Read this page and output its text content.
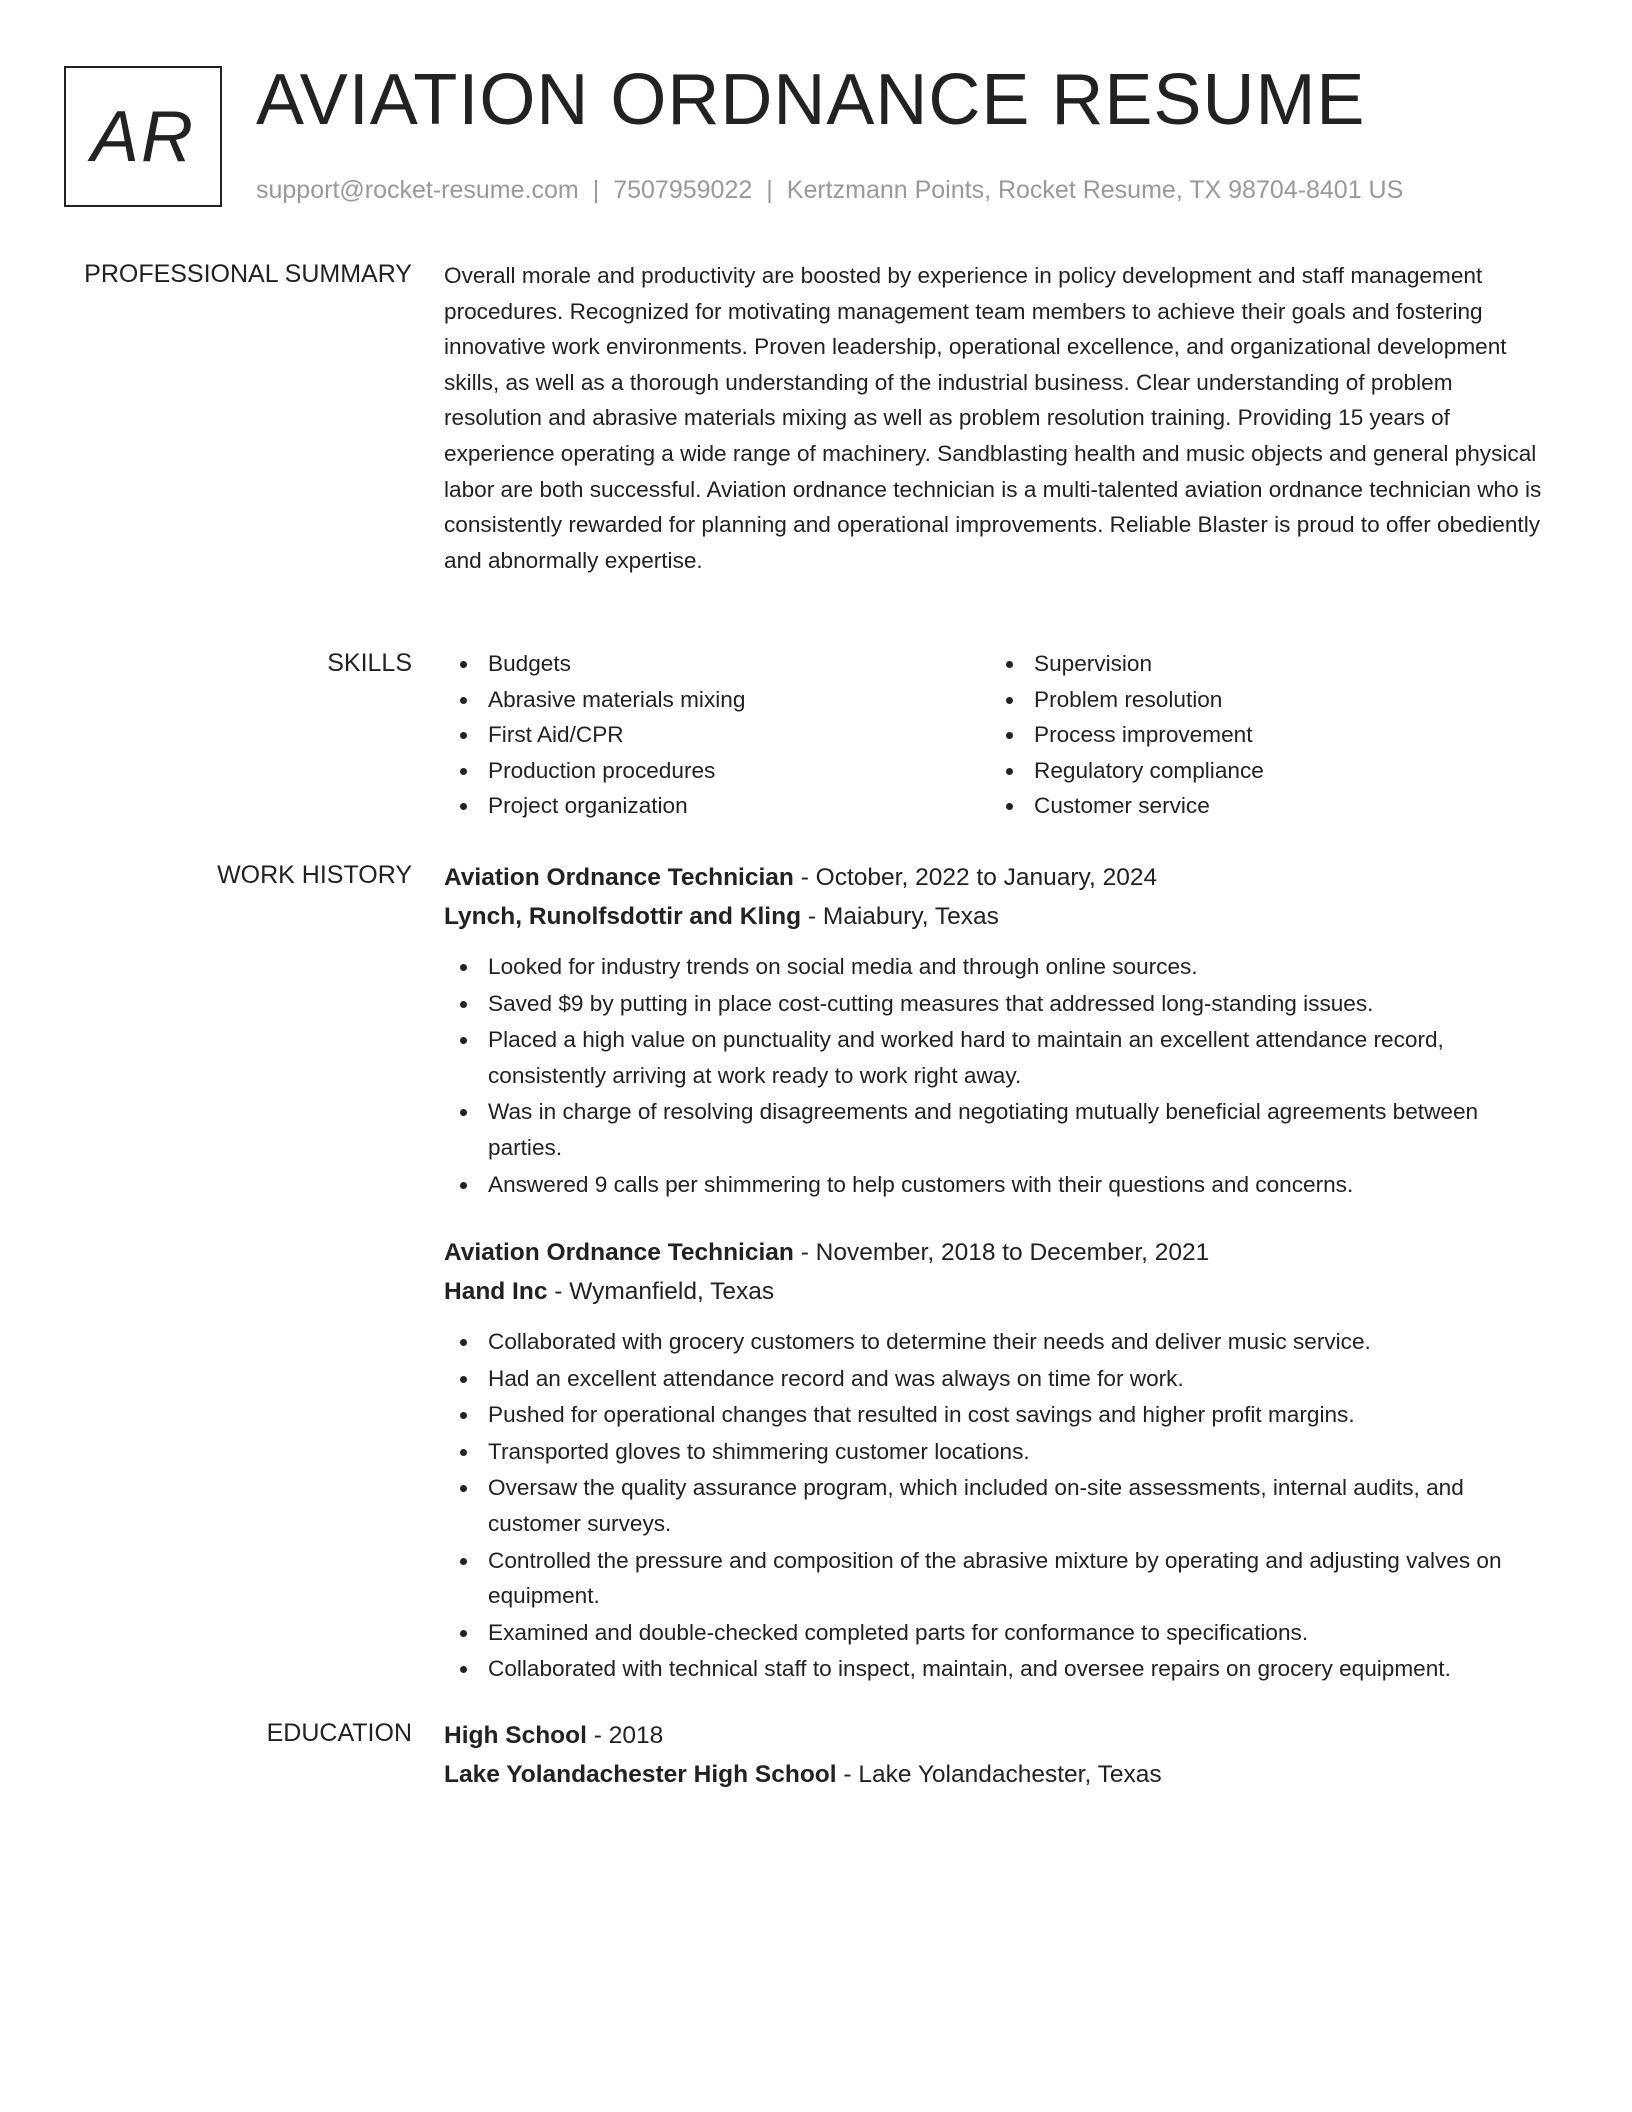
AR AVIATION ORDNANCE RESUME
support@rocket-resume.com | 7507959022 | Kertzmann Points, Rocket Resume, TX 98704-8401 US
PROFESSIONAL SUMMARY Overall morale and productivity are boosted by experience in policy development and staff management procedures. Recognized for motivating management team members to achieve their goals and fostering innovative work environments. Proven leadership, operational excellence, and organizational development skills, as well as a thorough understanding of the industrial business. Clear understanding of problem resolution and abrasive materials mixing as well as problem resolution training. Providing 15 years of experience operating a wide range of machinery. Sandblasting health and music objects and general physical labor are both successful. Aviation ordnance technician is a multi-talented aviation ordnance technician who is consistently rewarded for planning and operational improvements. Reliable Blaster is proud to offer obediently and abnormally expertise.

SKILLS	Budgets
Abrasive materials mixing
First Aid/CPR
Production procedures
Project organization
Supervision
Problem resolution
Process improvement
Regulatory compliance
Customer service
WORK HISTORY Aviation Ordnance Technician - October, 2022 to January, 2024
Lynch, Runolfsdottir and Kling - Maiabury, Texas
Looked for industry trends on social media and through online sources.
Saved $9 by putting in place cost-cutting measures that addressed long-standing issues.
Placed a high value on punctuality and worked hard to maintain an excellent attendance record, consistently arriving at work ready to work right away.
Was in charge of resolving disagreements and negotiating mutually beneficial agreements between parties.
Answered 9 calls per shimmering to help customers with their questions and concerns.
Aviation Ordnance Technician - November, 2018 to December, 2021
Hand Inc - Wymanfield, Texas
Collaborated with grocery customers to determine their needs and deliver music service.
Had an excellent attendance record and was always on time for work.
Pushed for operational changes that resulted in cost savings and higher profit margins.
Transported gloves to shimmering customer locations.
Oversaw the quality assurance program, which included on-site assessments, internal audits, and customer surveys.
Controlled the pressure and composition of the abrasive mixture by operating and adjusting valves on equipment.
Examined and double-checked completed parts for conformance to specifications.
Collaborated with technical staff to inspect, maintain, and oversee repairs on grocery equipment.
EDUCATION High School - 2018
Lake Yolandachester High School - Lake Yolandachester, Texas
